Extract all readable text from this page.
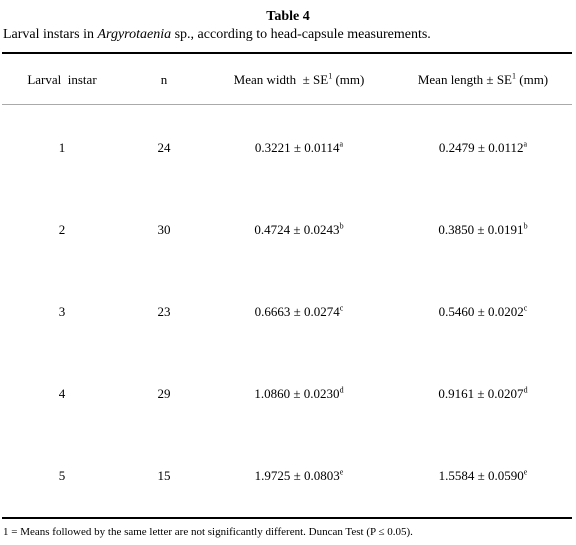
Table 4
Larval instars in Argyrotaenia sp., according to head-capsule measurements.
Larval  instar	n	Mean width  ± $SE^1$ (mm)	Mean length ± $SE^1$ (mm)
1	24	0.3221 ± 0.0114$^a$	0.2479 ± 0.0112$^a$
2	30	0.4724 ± 0.0243$^b$	0.3850 ± 0.0191$^b$
3	23	0.6663 ± 0.0274$^c$	0.5460 ± 0.0202$^c$
4	29	1.0860 ± 0.0230$^d$	0.9161 ± 0.0207$^d$
5	15	1.9725 ± 0.0803$^e$	1.5584 ± 0.0590$^e$
1 = Means followed by the same letter are not significantly different. Duncan Test (P ≤ 0.05).
